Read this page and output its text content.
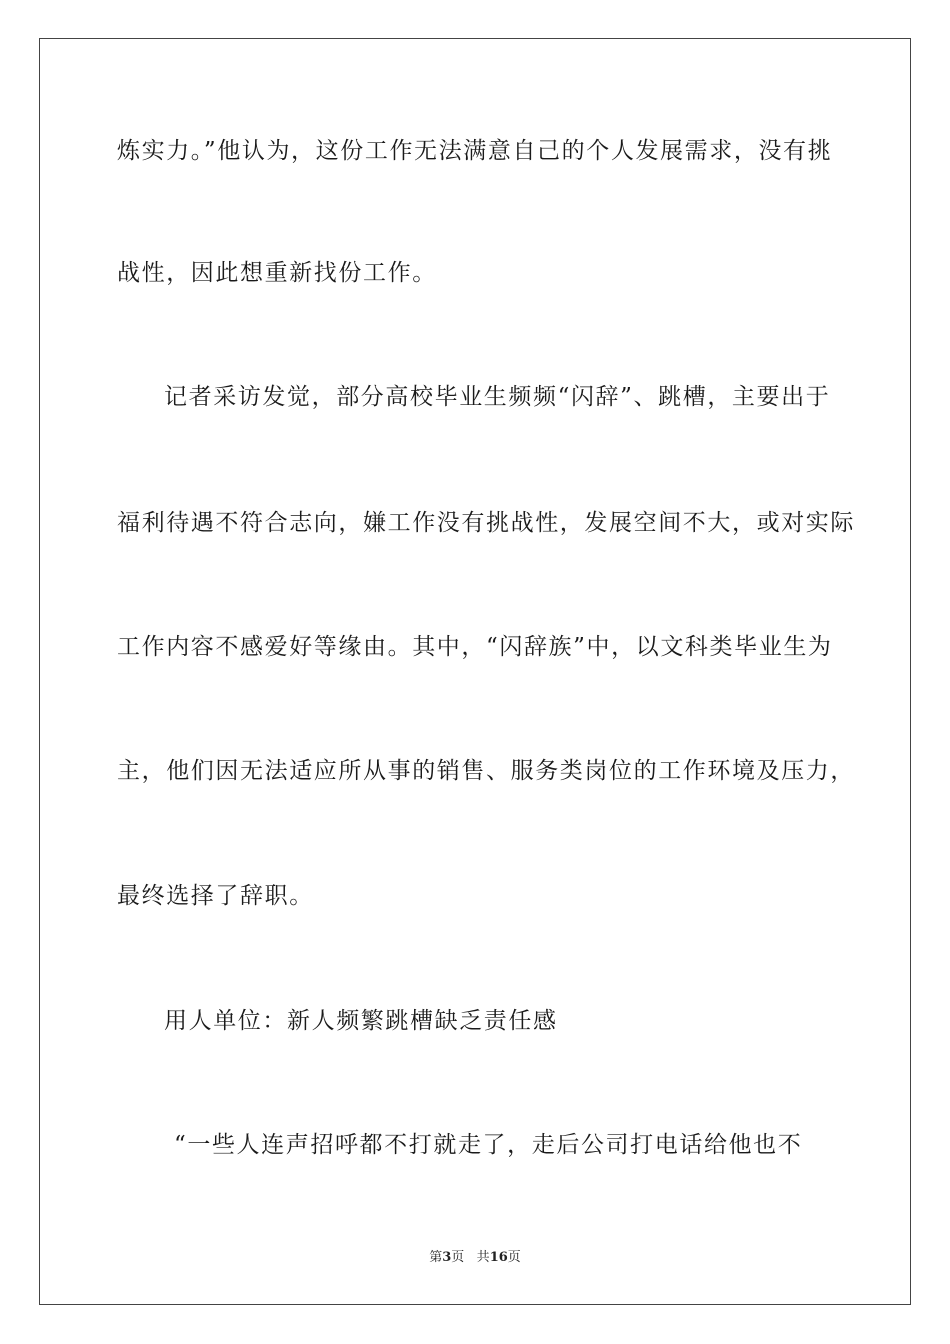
炼实力。”他认为，这份工作无法满意自己的个人发展需求，没有挑
战性，因此想重新找份工作。
记者采访发觉，部分高校毕业生频频“闪辞”、跳槽，主要出于
福利待遇不符合志向，嫌工作没有挑战性，发展空间不大，或对实际
工作内容不感爱好等缘由。其中，“闪辞族”中，以文科类毕业生为
主，他们因无法适应所从事的销售、服务类岗位的工作环境及压力，
最终选择了辞职。
用人单位：新人频繁跳槽缺乏责任感
“一些人连声招呼都不打就走了，走后公司打电话给他也不
第3页 共16页
